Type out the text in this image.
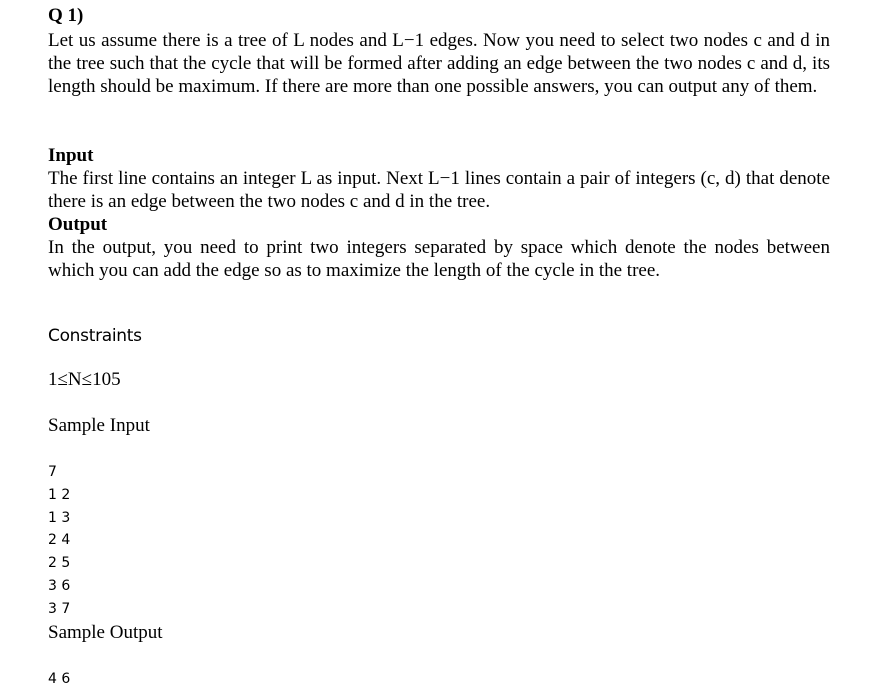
Q 1)
Let us assume there is a tree of L nodes and L−1 edges. Now you need to select two nodes c and d in the tree such that the cycle that will be formed after adding an edge between the two nodes c and d, its length should be maximum. If there are more than one possible answers, you can output any of them.
Input
The first line contains an integer L as input. Next L−1 lines contain a pair of integers (c, d) that denote there is an edge between the two nodes c and d in the tree.
Output
In the output, you need to print two integers separated by space which denote the nodes between which you can add the edge so as to maximize the length of the cycle in the tree.
Constraints
1≤N≤105
Sample Input
7
1 2
1 3
2 4
2 5
3 6
3 7
Sample Output
4 6
